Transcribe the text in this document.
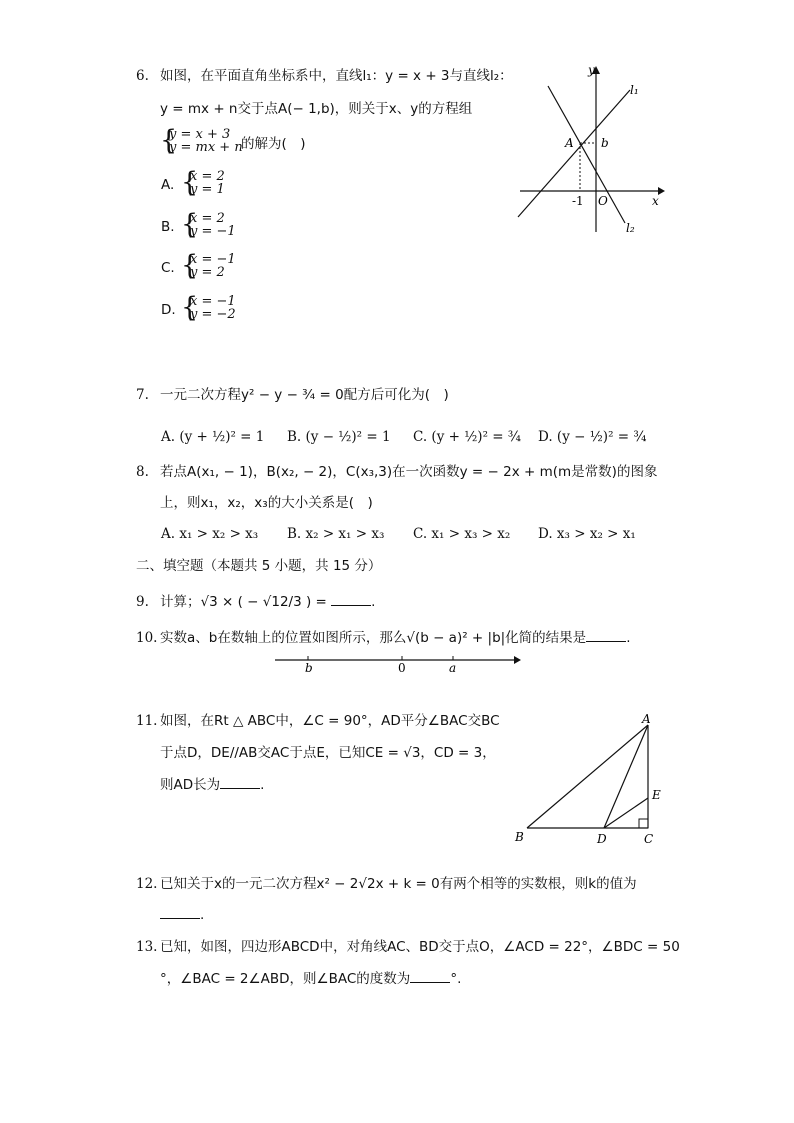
6. 如图，在平面直角坐标系中，直线l₁：y = x + 3与直线l₂：
y = mx + n交于点A(− 1,b)，则关于x、y的方程组
{
y = x + 3
y = mx + n
的解为(　)
A. {
x = 2
y = 1
B. {
x = 2
y = −1
C. {
x = −1
y = 2
D. {
x = −1
y = −2
y
x
l₁
l₂
A b
-1 O
7. 一元二次方程y² − y − ¾ = 0配方后可化为(　)
A. (y + ½)² = 1 B. (y − ½)² = 1 C. (y + ½)² = ¾ D. (y − ½)² = ¾
8. 若点A(x₁, − 1)，B(x₂, − 2)，C(x₃,3)在一次函数y = − 2x + m(m是常数)的图象
上，则x₁，x₂，x₃的大小关系是(　)
A. x₁ > x₂ > x₃ B. x₂ > x₁ > x₃ C. x₁ > x₃ > x₂ D. x₃ > x₂ > x₁
二、填空题（本题共 5 小题，共 15 分）
9. 计算；√3 × ( − √12/3 ) =	.
10. 实数a、b在数轴上的位置如图所示，那么√(b − a)² + |b|化简的结果是	.
b	0	a
11. 如图，在Rt △ ABC中，∠C = 90°，AD平分∠BAC交BC
于点D，DE//AB交AC于点E，已知CE = √3，CD = 3，
则AD长为	.
A
B	C
D
E
12. 已知关于x的一元二次方程x² − 2√2x + k = 0有两个相等的实数根，则k的值为
.
13. 已知，如图，四边形ABCD中，对角线AC、BD交于点O，∠ACD = 22°，∠BDC = 50
°，∠BAC = 2∠ABD，则∠BAC的度数为	°.
